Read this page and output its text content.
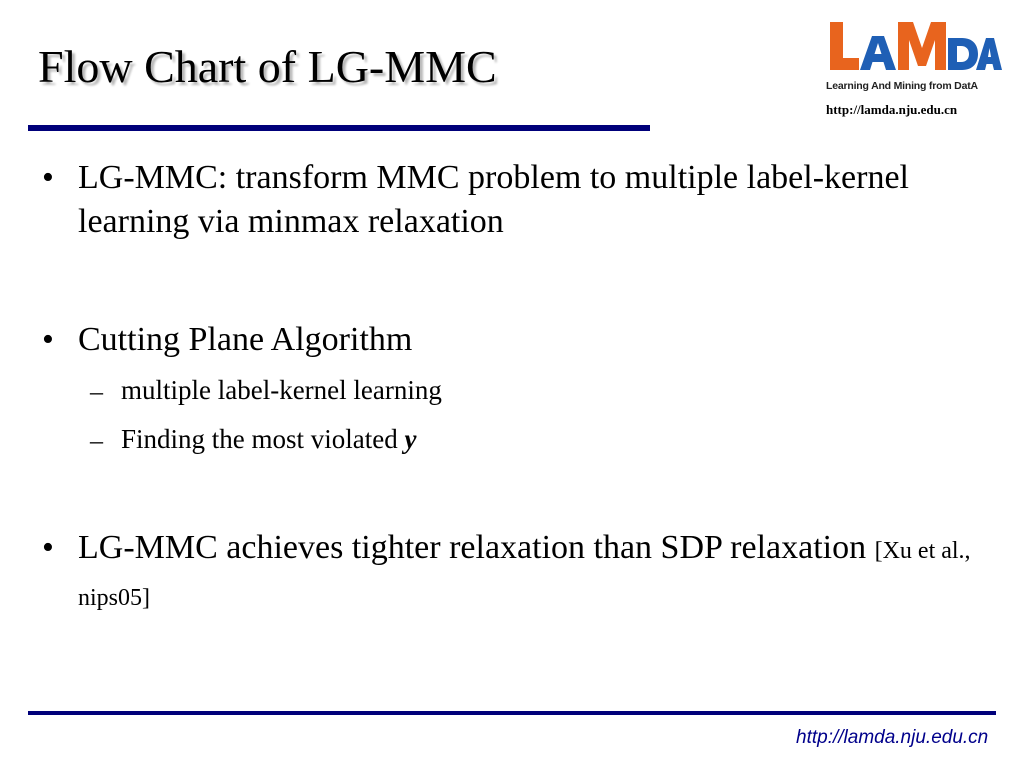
Flow Chart of LG-MMC	Learning And Mining from DatA
http://lamda.nju.edu.cn
• LG-MMC: transform MMC problem to multiple label-kernel learning via minmax relaxation
• Cutting Plane Algorithm
– multiple label-kernel learning
– Finding the most violated y
• LG-MMC achieves tighter relaxation than SDP relaxation [Xu et al., nips05]
http://lamda.nju.edu.cn
